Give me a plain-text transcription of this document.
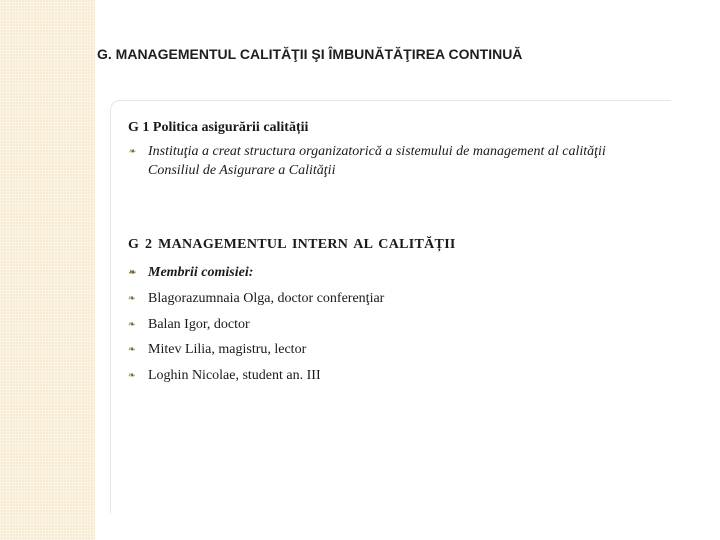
G. MANAGEMENTUL CALITĂŢII ŞI ÎMBUNĂTĂŢIREA CONTINUĂ
G 1 Politica asigurării calității
❧ Instituţia a creat structura organizatorică a sistemului de management al calităţii
Consiliul de Asigurare a Calităţii
G 2 MANAGEMENTUL INTERN AL CALITĂȚII
❧ Membrii comisiei:
❧ Blagorazumnaia Olga, doctor conferenţiar
❧ Balan Igor, doctor
❧ Mitev Lilia, magistru, lector
❧ Loghin Nicolae, student an. III
